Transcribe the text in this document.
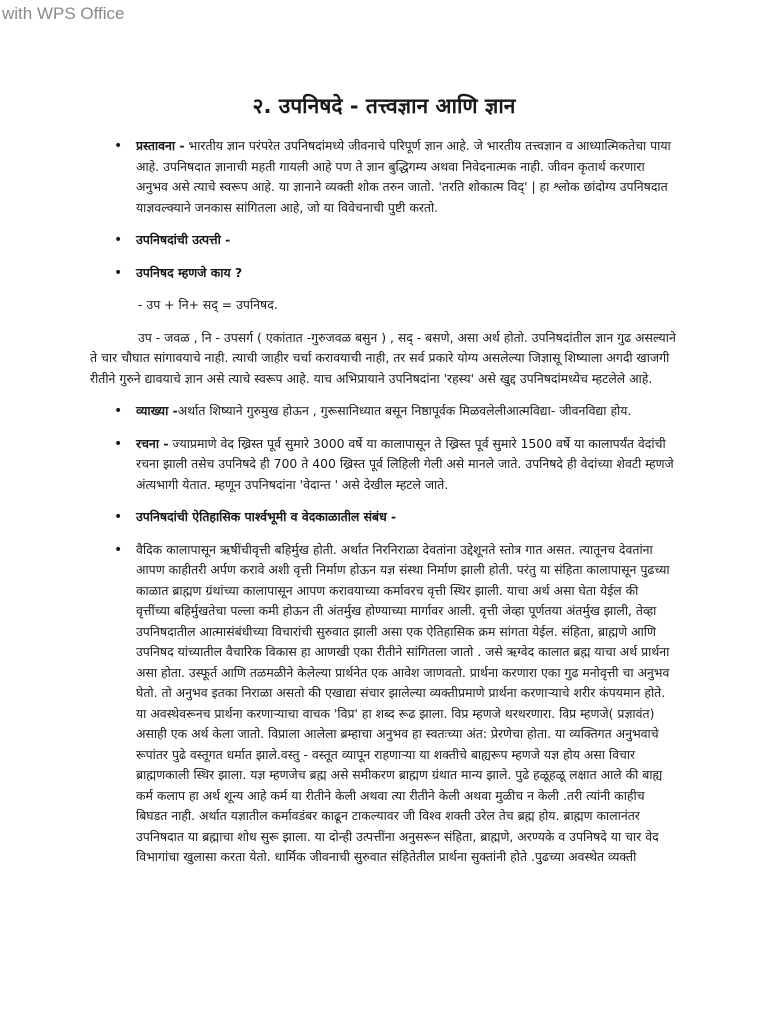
with WPS Office
२. उपनिषदे - तत्त्वज्ञान आणि ज्ञान
• प्रस्तावना - भारतीय ज्ञान परंपरेत उपनिषदांमध्ये जीवनाचे परिपूर्ण ज्ञान आहे. जे भारतीय तत्त्वज्ञान व आध्यात्मिकतेचा पाया आहे. उपनिषदात ज्ञानाची महती गायली आहे पण ते ज्ञान बुद्धिगम्य अथवा निवेदनात्मक नाही. जीवन कृतार्थ करणारा अनुभव असे त्याचे स्वरूप आहे. या ज्ञानाने व्यक्ती शोक तरुन जातो. 'तरति शोकात्म विद्' | हा श्लोक छांदोग्य उपनिषदात याज्ञवल्क्याने जनकास सांगितला आहे, जो या विवेचनाची पुष्टी करतो.
• उपनिषदांची उत्पत्ती -
• उपनिषद म्हणजे काय ?
- उप + नि+ सद् = उपनिषद.
उप - जवळ , नि - उपसर्ग ( एकांतात -गुरुजवळ बसुन ) , सद् - बसणे, असा अर्थ होतो. उपनिषदांतील ज्ञान गुढ असल्याने ते चार चौघात सांगावयाचे नाही. त्याची जाहीर चर्चा करावयाची नाही, तर सर्व प्रकारे योग्य असलेल्या जिज्ञासू शिष्याला अगदी खाजगी रीतीने गुरुने द्यावयाचे ज्ञान असे त्याचे स्वरूप आहे. याच अभिप्रायाने उपनिषदांना 'रहस्य' असे खुद्द उपनिषदांमध्येच म्हटलेले आहे.
• व्याख्या -अर्थात शिष्याने गुरुमुख होऊन , गुरूसानिध्यात बसून निष्ठापूर्वक मिळवलेलीआत्मविद्या- जीवनविद्या होय.
• रचना - ज्याप्रमाणे वेद ख्रिस्त पूर्व सुमारे 3000 वर्षे या कालापासून ते ख्रिस्त पूर्व सुमारे 1500 वर्षे या कालापर्यंत वेदांची रचना झाली तसेच उपनिषदे ही 700 ते 400 ख्रिस्त पूर्व लिहिली गेली असे मानले जाते. उपनिषदे ही वेदांच्या शेवटी म्हणजे अंत्यभागी येतात. म्हणून उपनिषदांना 'वेदान्त ' असे देखील म्हटले जाते.
• उपनिषदांची ऐतिहासिक पार्श्वभूमी व वेदकाळातील संबंध -
• वैदिक कालापासून ऋषींचीवृत्ती बहिर्मुख होती. अर्थात निरनिराळा देवतांना उद्देशूनते स्तोत्र गात असत. त्यातूनच देवतांना आपण काहीतरी अर्पण करावे अशी वृत्ती निर्माण होऊन यज्ञ संस्था निर्माण झाली होती. परंतु या संहिता कालापासून पुढच्या काळात ब्राह्मण ग्रंथांच्या कालापासून आपण करावयाच्या कर्मावरच वृत्ती स्थिर झाली. याचा अर्थ असा घेता येईल की वृत्तींच्या बहिर्मुखतेचा पल्ला कमी होऊन ती अंतर्मुख होण्याच्या मार्गावर आली. वृत्ती जेव्हा पूर्णतया अंतर्मुख झाली, तेव्हा उपनिषदातील आत्मासंबंधीच्या विचारांची सुरुवात झाली असा एक ऐतिहासिक क्रम सांगता येईल. संहिता, ब्राह्मणे आणि उपनिषद यांच्यातील वैचारिक विकास हा आणखी एका रीतीने सांगितला जातो . जसे ऋग्वेद कालात ब्रह्म याचा अर्थ प्रार्थना असा होता. उस्फूर्त आणि तळमळीने केलेल्या प्रार्थनेत एक आवेश जाणवतो. प्रार्थना करणारा एका गुढ मनोवृत्ती चा अनुभव घेतो. तो अनुभव इतका निराळा असतो की एखाद्या संचार झालेल्या व्यक्तीप्रमाणे प्रार्थना करणाऱ्याचे शरीर कंपयमान होते. या अवस्थेवरूनच प्रार्थना करणाऱ्याचा वाचक 'विप्र' हा शब्द रूढ झाला. विप्र म्हणजे थरथरणारा. विप्र म्हणजे( प्रज्ञावंत) असाही एक अर्थ केला जातो. विप्राला आलेला ब्रम्हाचा अनुभव हा स्वतःच्या अंत: प्रेरणेचा होता. या व्यक्तिगत अनुभवाचे रूपांतर पुढे वस्तूगत धर्मात झाले.वस्तु - वस्तूत व्यापून राहणाऱ्या या शक्तीचे बाह्यरूप म्हणजे यज्ञ होय असा विचार ब्राह्मणकाली स्थिर झाला. यज्ञ म्हणजेच ब्रह्म असे समीकरण ब्राह्मण ग्रंथात मान्य झाले. पुढे हळूहळू लक्षात आले की बाह्य कर्म कलाप हा अर्थ शून्य आहे कर्म या रीतीने केली अथवा त्या रीतीने केली अथवा मुळीच न केली .तरी त्यांनी काहीच बिघडत नाही. अर्थात यज्ञातील कर्मावडंबर काढून टाकल्यावर जी विश्व शक्ती उरेल तेच ब्रह्म होय. ब्राह्मण कालानंतर उपनिषदात या ब्रह्माचा शोध सुरू झाला. या दोन्ही उत्पत्तींना अनुसरून संहिता, ब्राह्मणे, अरण्यके व उपनिषदे या चार वेद विभागांचा खुलासा करता येतो. धार्मिक जीवनाची सुरुवात संहितेतील प्रार्थना सुक्तांनी होते .पुढच्या अवस्थेत व्यक्ती
